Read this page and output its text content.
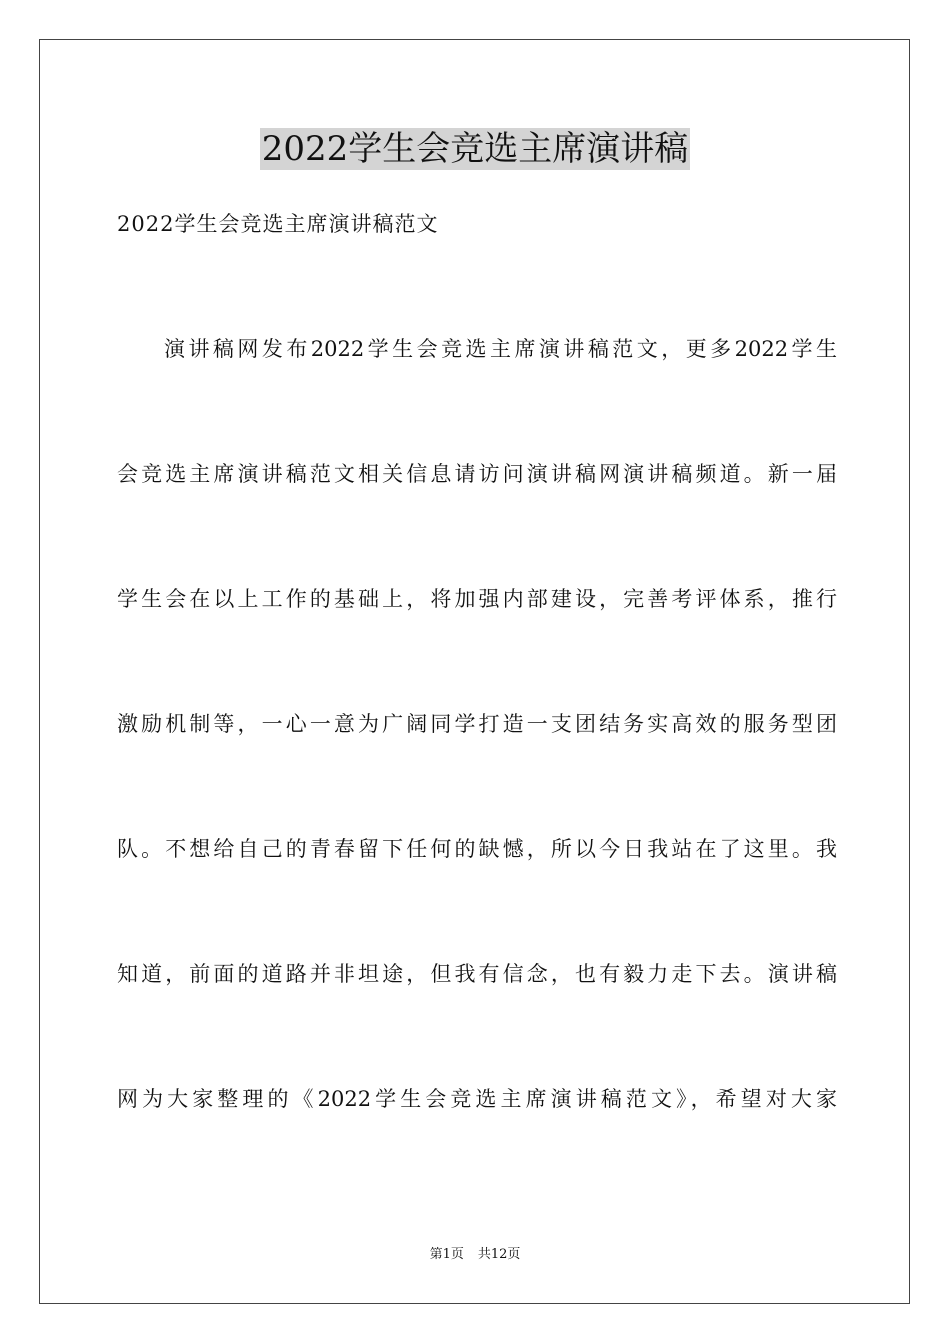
2022学生会竞选主席演讲稿

2022学生会竞选主席演讲稿范文

演讲稿网发布2022学生会竞选主席演讲稿范文，更多2022学生

会竞选主席演讲稿范文相关信息请访问演讲稿网演讲稿频道。新一届

学生会在以上工作的基础上，将加强内部建设，完善考评体系，推行

激励机制等，一心一意为广阔同学打造一支团结务实高效的服务型团

队。不想给自己的青春留下任何的缺憾，所以今日我站在了这里。我

知道，前面的道路并非坦途，但我有信念，也有毅力走下去。演讲稿

网为大家整理的《2022学生会竞选主席演讲稿范文》，希望对大家

第1页 共12页
